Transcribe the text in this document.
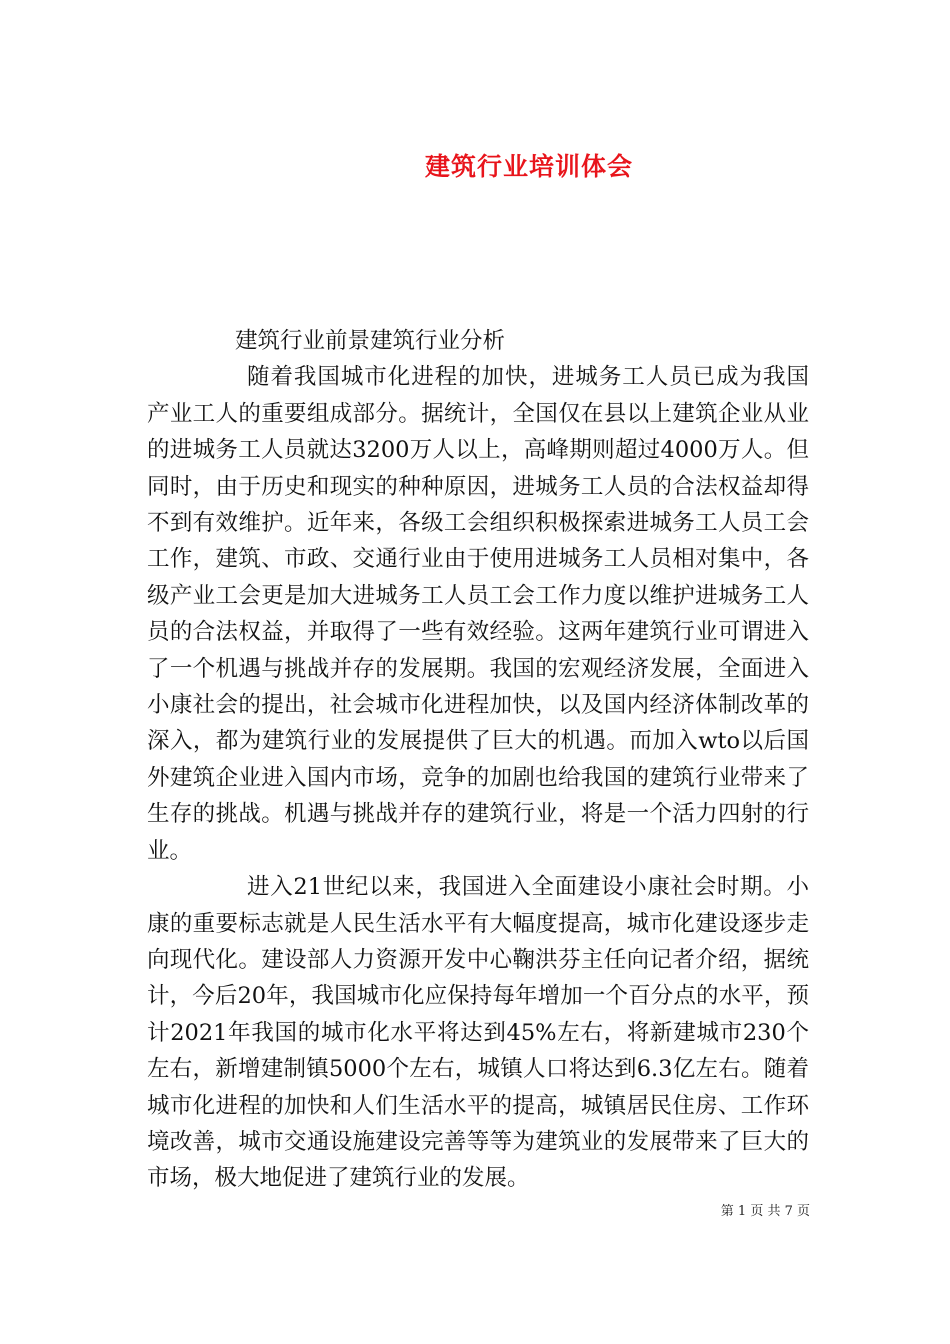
建筑行业培训体会

建筑行业前景建筑行业分析

随着我国城市化进程的加快，进城务工人员已成为我国产业工人的重要组成部分。据统计，全国仅在县以上建筑企业从业的进城务工人员就达3200万人以上，高峰期则超过4000万人。但同时，由于历史和现实的种种原因，进城务工人员的合法权益却得不到有效维护。近年来，各级工会组织积极探索进城务工人员工会工作，建筑、市政、交通行业由于使用进城务工人员相对集中，各级产业工会更是加大进城务工人员工会工作力度以维护进城务工人员的合法权益，并取得了一些有效经验。这两年建筑行业可谓进入了一个机遇与挑战并存的发展期。我国的宏观经济发展，全面进入小康社会的提出，社会城市化进程加快，以及国内经济体制改革的深入，都为建筑行业的发展提供了巨大的机遇。而加入wto以后国外建筑企业进入国内市场，竞争的加剧也给我国的建筑行业带来了生存的挑战。机遇与挑战并存的建筑行业，将是一个活力四射的行业。

进入21世纪以来，我国进入全面建设小康社会时期。小康的重要标志就是人民生活水平有大幅度提高，城市化建设逐步走向现代化。建设部人力资源开发中心鞠洪芬主任向记者介绍，据统计，今后20年，我国城市化应保持每年增加一个百分点的水平，预计2021年我国的城市化水平将达到45%左右，将新建城市230个左右，新增建制镇5000个左右，城镇人口将达到6.3亿左右。随着城市化进程的加快和人们生活水平的提高，城镇居民住房、工作环境改善，城市交通设施建设完善等等为建筑业的发展带来了巨大的市场，极大地促进了建筑行业的发展。

第 1 页 共 7 页
